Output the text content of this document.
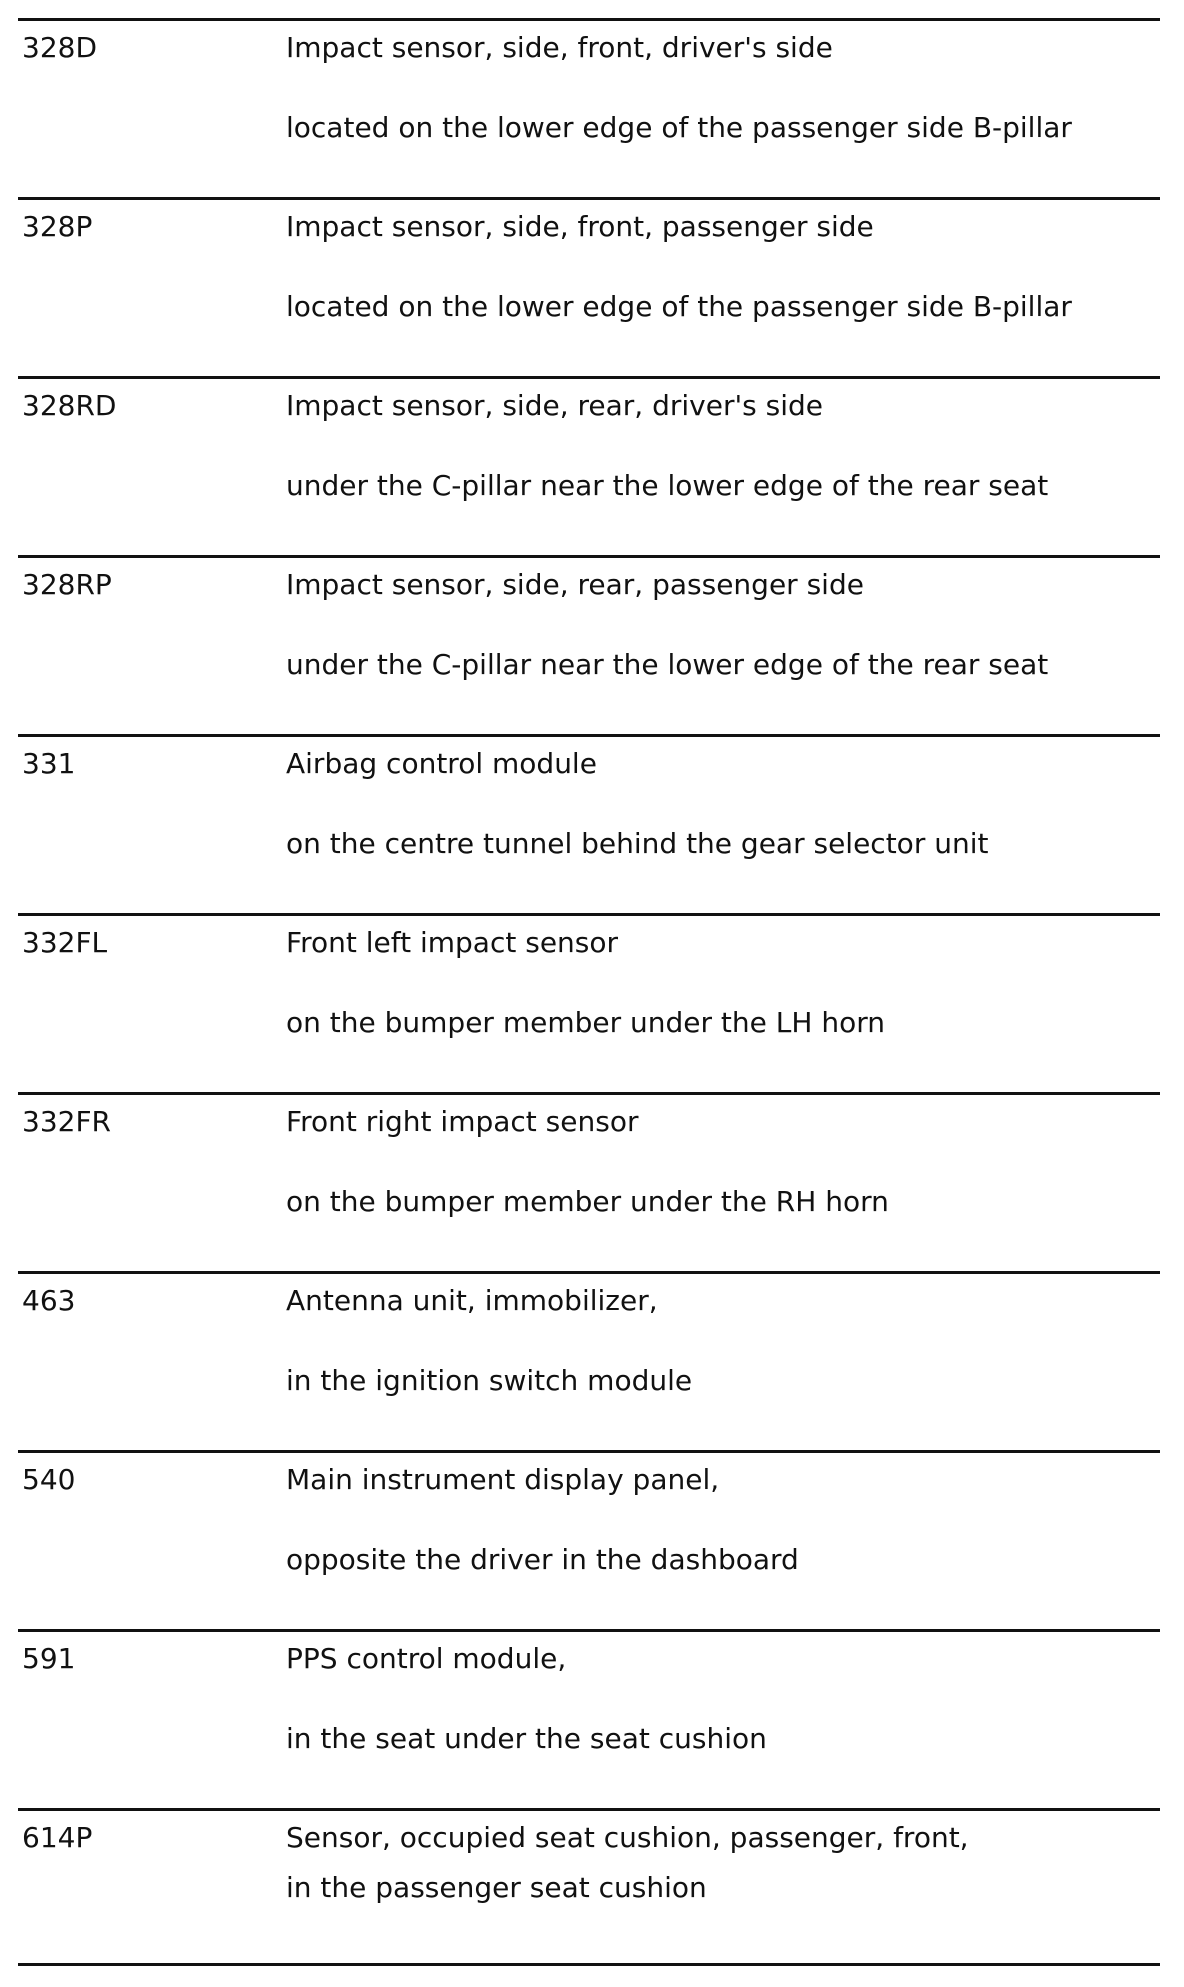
328D	Impact sensor, side, front, driver's side
located on the lower edge of the passenger side B-pillar
328P	Impact sensor, side, front, passenger side
located on the lower edge of the passenger side B-pillar
328RD	Impact sensor, side, rear, driver's side
under the C-pillar near the lower edge of the rear seat
328RP	Impact sensor, side, rear, passenger side
under the C-pillar near the lower edge of the rear seat
331	Airbag control module
on the centre tunnel behind the gear selector unit
332FL	Front left impact sensor
on the bumper member under the LH horn
332FR	Front right impact sensor
on the bumper member under the RH horn
463	Antenna unit, immobilizer,
in the ignition switch module
540	Main instrument display panel,
opposite the driver in the dashboard
591	PPS control module,
in the seat under the seat cushion
614P	Sensor, occupied seat cushion, passenger, front,
in the passenger seat cushion
